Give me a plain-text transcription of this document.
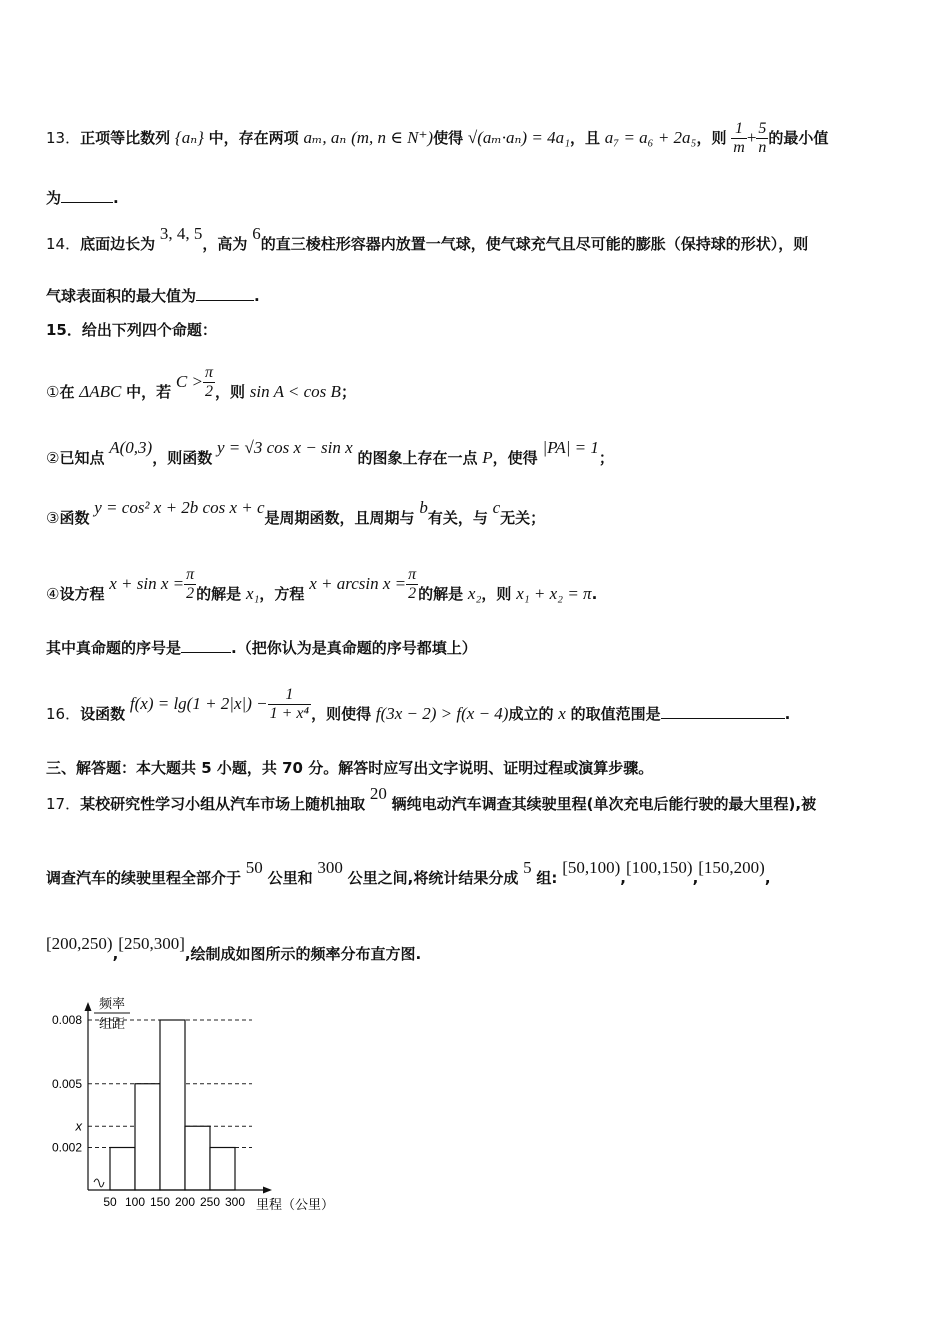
13．正项等比数列 {aₙ} 中，存在两项 aₘ, aₙ (m, n ∈ N⁺)使得 √(aₘ·aₙ) = 4a₁，且 a₇ = a₆ + 2a₅，则 $\frac{1}{m} + \frac{5}{n}$ 的最小值
为	.
14．底面边长为 3, 4, 5，高为 6的直三棱柱形容器内放置一气球，使气球充气且尽可能的膨胀（保持球的形状），则
气球表面积的最大值为	.
15．给出下列四个命题：
①在 ΔABC 中，若 $C > \frac{\pi}{2}$ ，则 sin A < cos B；
②已知点 A(0,3)，则函数 y = √3 cos x − sin x 的图象上存在一点 P，使得 |PA| = 1；
③函数 y = cos² x + 2b cos x + c是周期函数，且周期与 b有关，与 c无关；
④设方程 $x + \sin x = \frac{\pi}{2}$ 的解是 x₁，方程 $x + \arcsin x = \frac{\pi}{2}$ 的解是 x₂，则 x₁ + x₂ = π.
其中真命题的序号是	.（把你认为是真命题的序号都填上）
16．设函数 $f(x) = \lg(1 + 2|x|) - \frac{1}{\text{1 + x⁴}}$ ，则使得 f(3x − 2) > f(x − 4)成立的 x 的取值范围是	.
三、解答题：本大题共 5 小题，共 70 分。解答时应写出文字说明、证明过程或演算步骤。
17．某校研究性学习小组从汽车市场上随机抽取 20 辆纯电动汽车调查其续驶里程(单次充电后能行驶的最大里程),被
调查汽车的续驶里程全部介于 50 公里和 300 公里之间,将统计结果分成 5 组: [50,100),[100,150),[150,200),
[200,250),[250,300],绘制成如图所示的频率分布直方图.
0.008
0.005
x
0.002
50 100 150 200 250 300
频率
组距
里程（公里）
